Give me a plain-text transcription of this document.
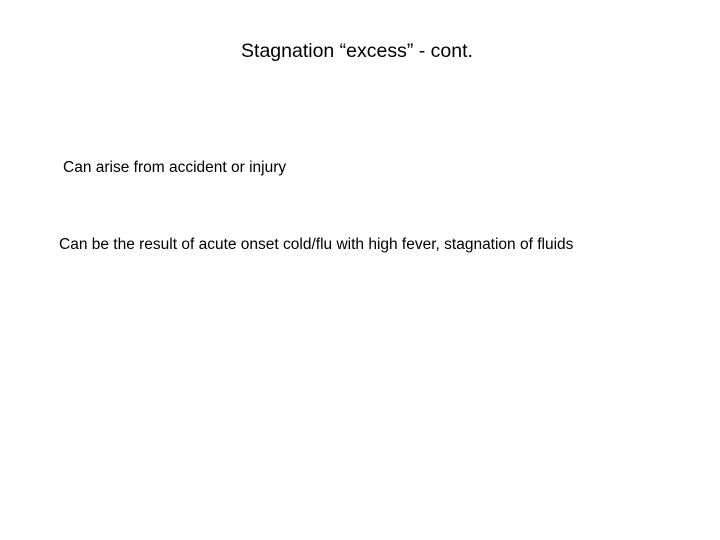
Stagnation “excess” - cont.
Can arise from accident or injury
Can be the result of acute onset cold/flu with high fever, stagnation of fluids
